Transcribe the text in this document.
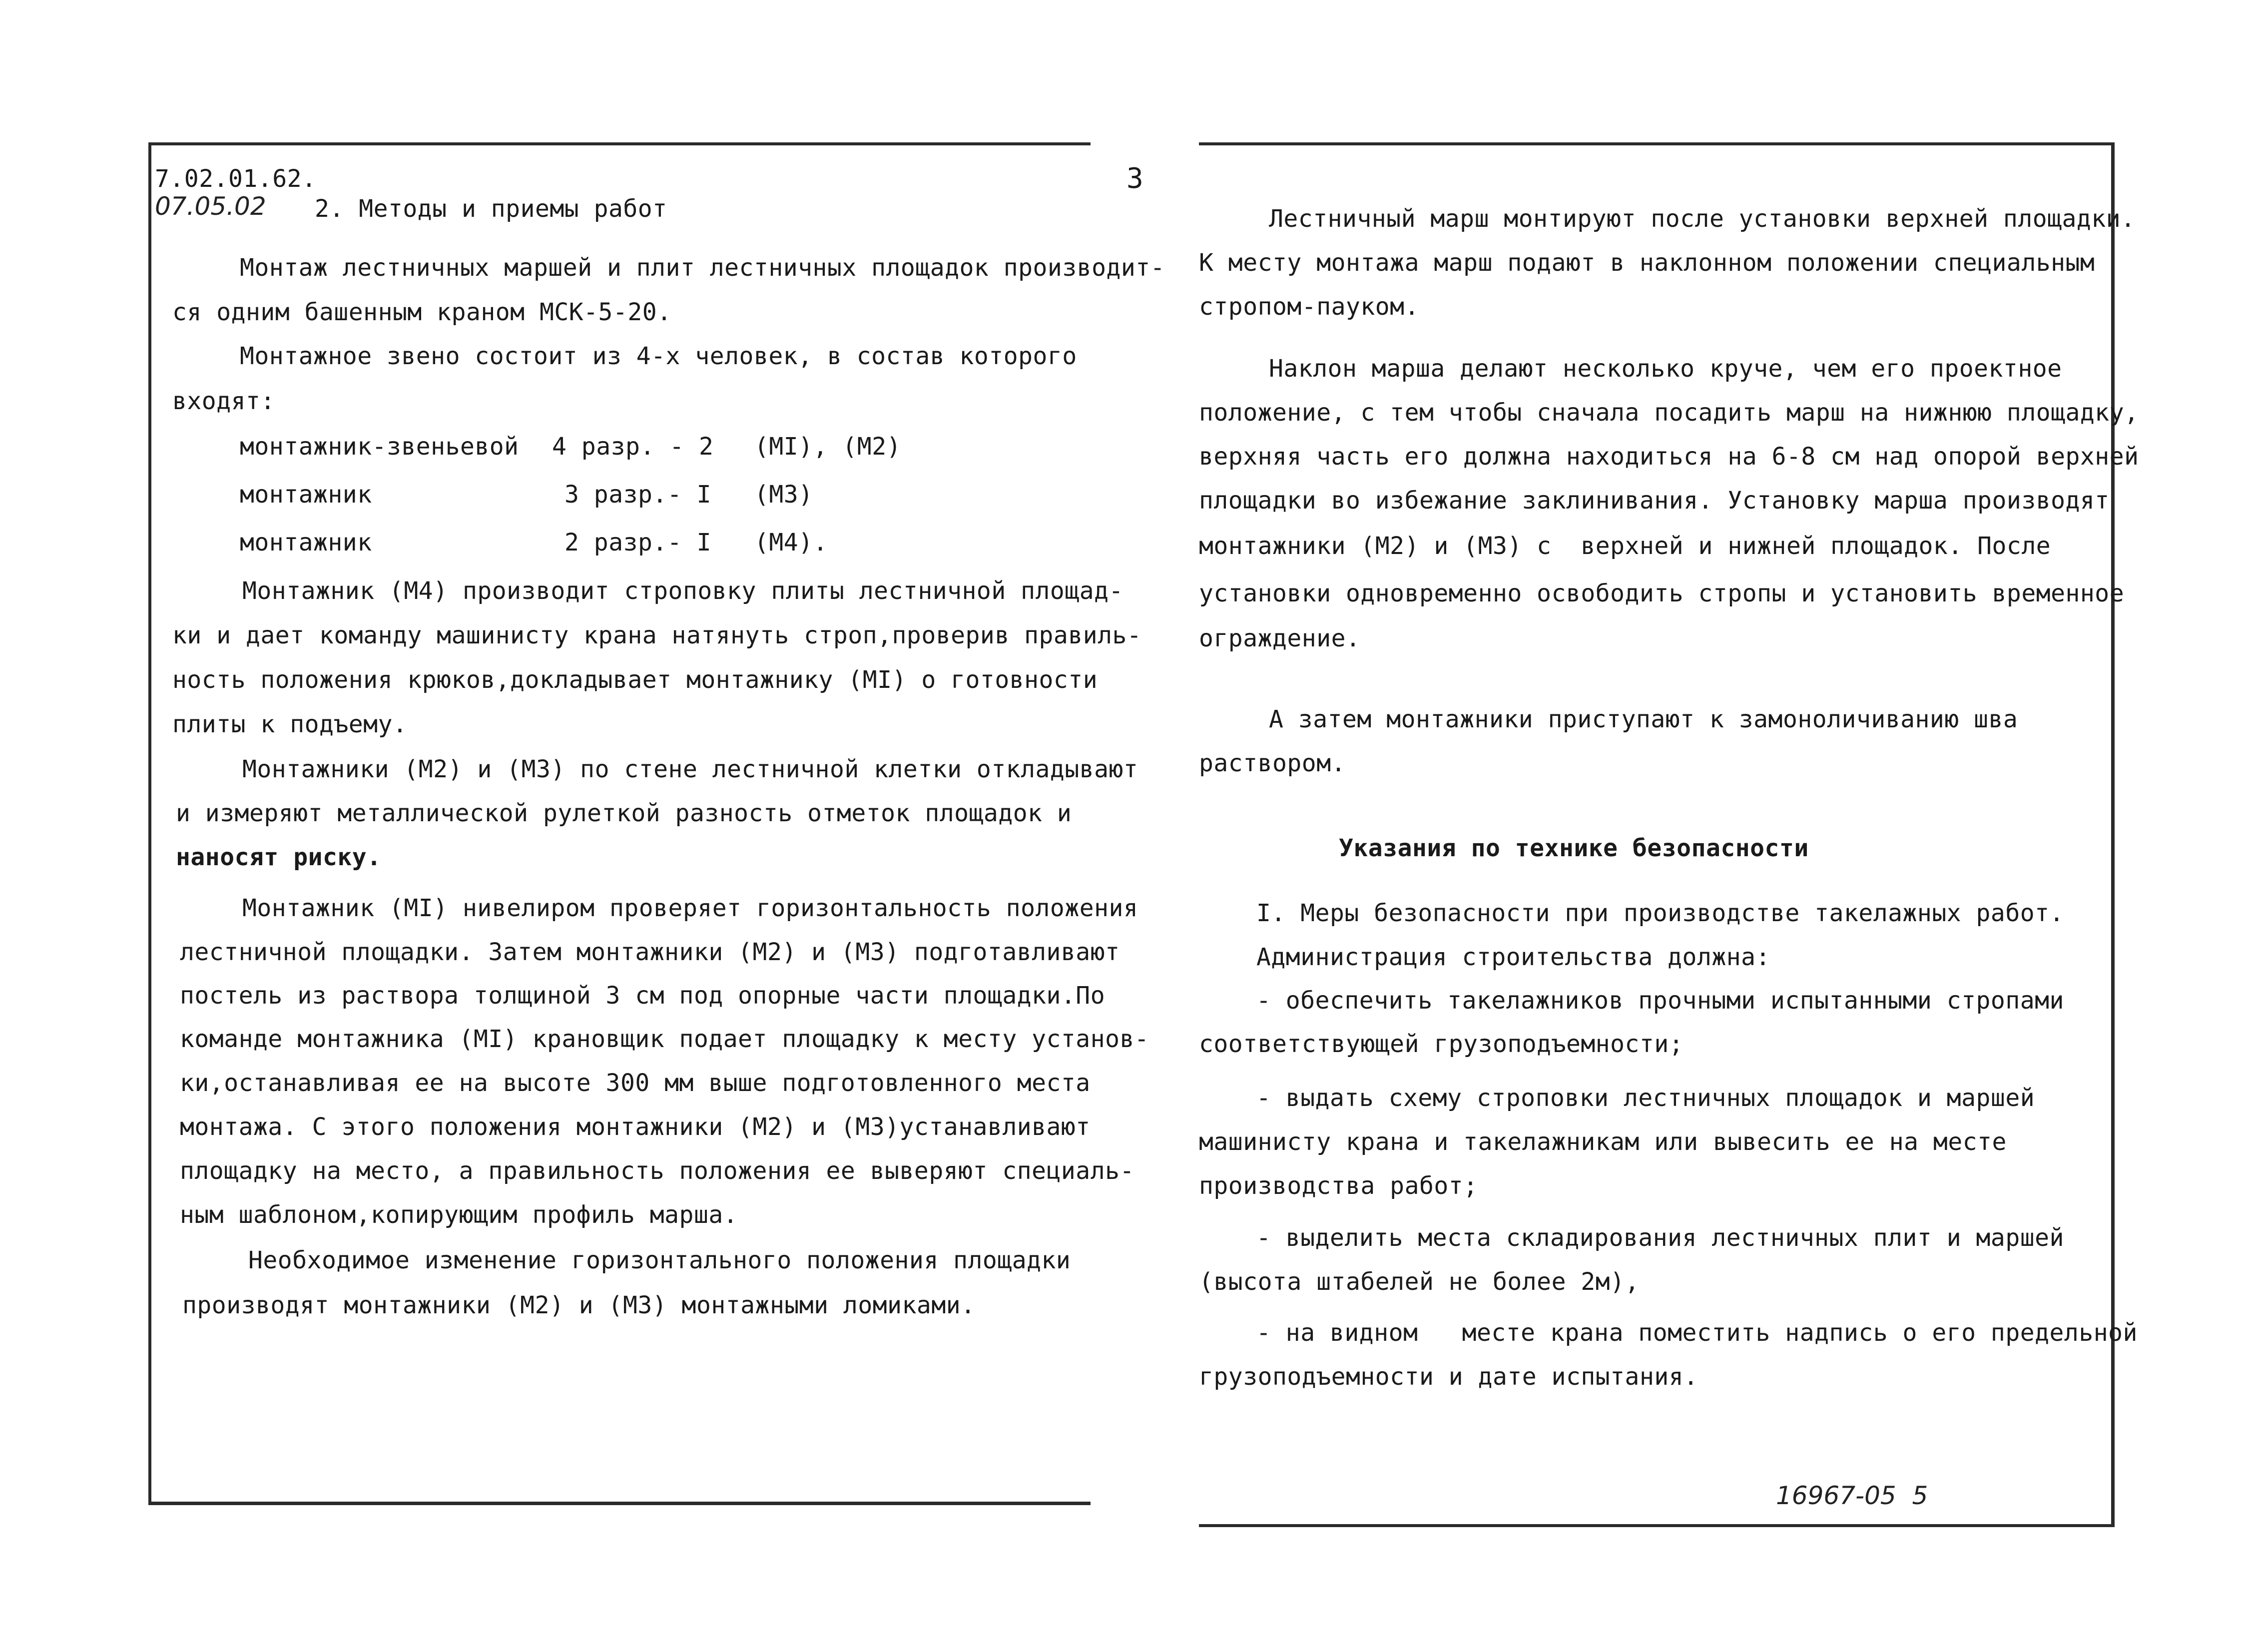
7.02.01.62.
07.05.02 2. Методы и приемы работ
3
Монтаж лестничных маршей и плит лестничных площадок производит-
ся одним башенным краном МСК-5-20.
Монтажное звено состоит из 4-х человек, в состав которого
входят:
монтажник-звеньевой 4 разр. - 2 (МI), (М2)
монтажник	3 разр.- I (М3)
монтажник	2 разр.- I (М4).
Монтажник (М4) производит строповку плиты лестничной площад-
ки и дает команду машинисту крана натянуть строп,проверив правиль-
ность положения крюков,докладывает монтажнику (МI) о готовности
плиты к подъему.
Монтажники (М2) и (М3) по стене лестничной клетки откладывают
и измеряют металлической рулеткой разность отметок площадок и
наносят риску.
Монтажник (МI) нивелиром проверяет горизонтальность положения
лестничной площадки. Затем монтажники (М2) и (М3) подготавливают
постель из раствора толщиной 3 см под опорные части площадки.По
команде монтажника (МI) крановщик подает площадку к месту установ-
ки,останавливая ее на высоте 300 мм выше подготовленного места
монтажа. С этого положения монтажники (М2) и (М3)устанавливают
площадку на место, а правильность положения ее выверяют специаль-
ным шаблоном,копирующим профиль марша.
Необходимое изменение горизонтального положения площадки
производят монтажники (М2) и (М3) монтажными ломиками.
Лестничный марш монтируют после установки верхней площадки.
К месту монтажа марш подают в наклонном положении специальным
стропом-пауком.
Наклон марша делают несколько круче, чем его проектное
положение, с тем чтобы сначала посадить марш на нижнюю площадку,
верхняя часть его должна находиться на 6-8 см над опорой верхней
площадки во избежание заклинивания. Установку марша производят
монтажники (М2) и (М3) с  верхней и нижней площадок. После
установки одновременно освободить стропы и установить временное
ограждение.
А затем монтажники приступают к замоноличиванию шва
раствором.
Указания по технике безопасности
I. Меры безопасности при производстве такелажных работ.
Администрация строительства должна:
- обеспечить такелажников прочными испытанными стропами
соответствующей грузоподъемности;
- выдать схему строповки лестничных площадок и маршей
машинисту крана и такелажникам или вывесить ее на месте
производства работ;
- выделить места складирования лестничных плит и маршей
(высота штабелей не более 2м),
- на видном   месте крана поместить надпись о его предельной
грузоподъемности и дате испытания.
16967-05  5
